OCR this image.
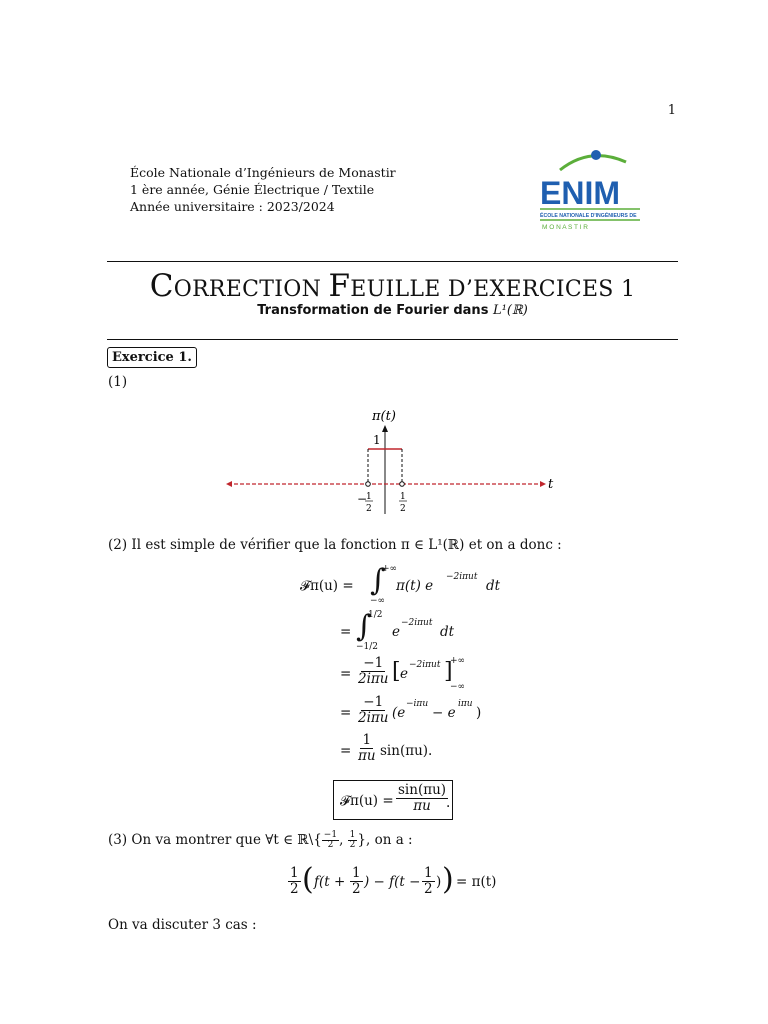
1
École Nationale d’Ingénieurs de Monastir
1 ère année, Génie Électrique / Textile
Année universitaire : 2023/2024	ENIM
ÉCOLE NATIONALE D'INGÉNIEURS DE
M O N A S T I R
CORRECTION FEUILLE D’EXERCICES 1
Transformation de Fourier dans L¹(ℝ)
Exercice 1.
(1)
π(t)
1
t
−
1
2
1
2
(2) Il est simple de vérifier que la fonction π ∈ L¹(ℝ) et on a donc :
𝓕π(u) = ∫
+∞
−∞
π(t) e
−2iπut
dt
= ∫
1/2
−1/2
e
−2iπut
dt
=
−1
2iπu [ e
−2iπut ]
+∞
−∞
=
−1
2iπu (e
−iπu
− e
iπu
)
= $\frac{1}{\pi u} \sin(\pi u)$.
𝓕π(u) = $\frac{\sin(\pi u)}{\pi u}$
.
(3) On va montrer que ∀t ∈ ℝ\{ $\frac{-1}{2}$ , $\frac{1}{2}$ }, on a :
$\frac{1}{2}$ ( $f(t + \frac{1}{2}$ ) − $f(t - \frac{1}{2}$ ) ) = π(t)
On va discuter 3 cas :
